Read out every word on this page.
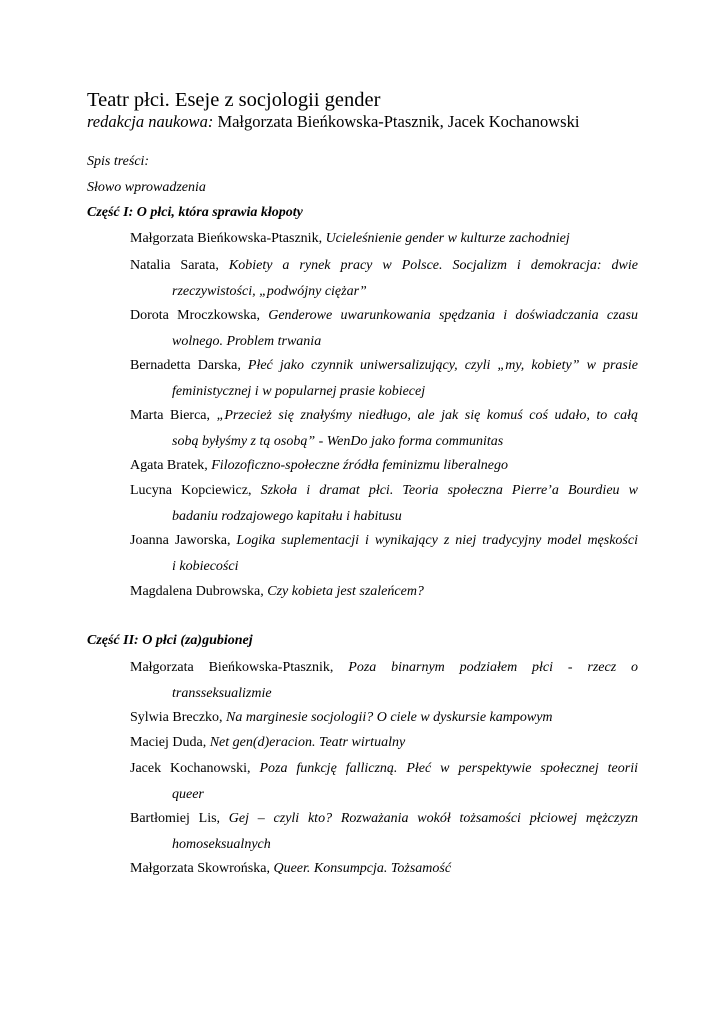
Teatr płci. Eseje z socjologii gender
redakcja naukowa: Małgorzata Bieńkowska-Ptasznik, Jacek Kochanowski
Spis treści:
Słowo wprowadzenia
Część I: O płci, która sprawia kłopoty
Małgorzata Bieńkowska-Ptasznik, Ucieleśnienie gender w kulturze zachodniej
Natalia Sarata, Kobiety a rynek pracy w Polsce. Socjalizm i demokracja: dwie
rzeczywistości, „podwójny ciężar”
Dorota Mroczkowska, Genderowe uwarunkowania spędzania i doświadczania czasu
wolnego. Problem trwania
Bernadetta Darska, Płeć jako czynnik uniwersalizujący, czyli „my, kobiety” w prasie
feministycznej i w popularnej prasie kobiecej
Marta Bierca, „Przecież się znałyśmy niedługo, ale jak się komuś coś udało, to całą
sobą byłyśmy z tą osobą” - WenDo jako forma communitas
Agata Bratek, Filozoficzno-społeczne źródła feminizmu liberalnego
Lucyna Kopciewicz, Szkoła i dramat płci. Teoria społeczna Pierre’a Bourdieu w
badaniu rodzajowego kapitału i habitusu
Joanna Jaworska, Logika suplementacji i wynikający z niej tradycyjny model męskości
i kobiecości
Magdalena Dubrowska, Czy kobieta jest szaleńcem?
Część II: O płci (za)gubionej
Małgorzata Bieńkowska-Ptasznik, Poza binarnym podziałem płci - rzecz o
transseksualizmie
Sylwia Breczko, Na marginesie socjologii? O ciele w dyskursie kampowym
Maciej Duda, Net gen(d)eracion. Teatr wirtualny
Jacek Kochanowski, Poza funkcję falliczną. Płeć w perspektywie społecznej teorii
queer
Bartłomiej Lis, Gej – czyli kto? Rozważania wokół tożsamości płciowej mężczyzn
homoseksualnych
Małgorzata Skowrońska, Queer. Konsumpcja. Tożsamość
